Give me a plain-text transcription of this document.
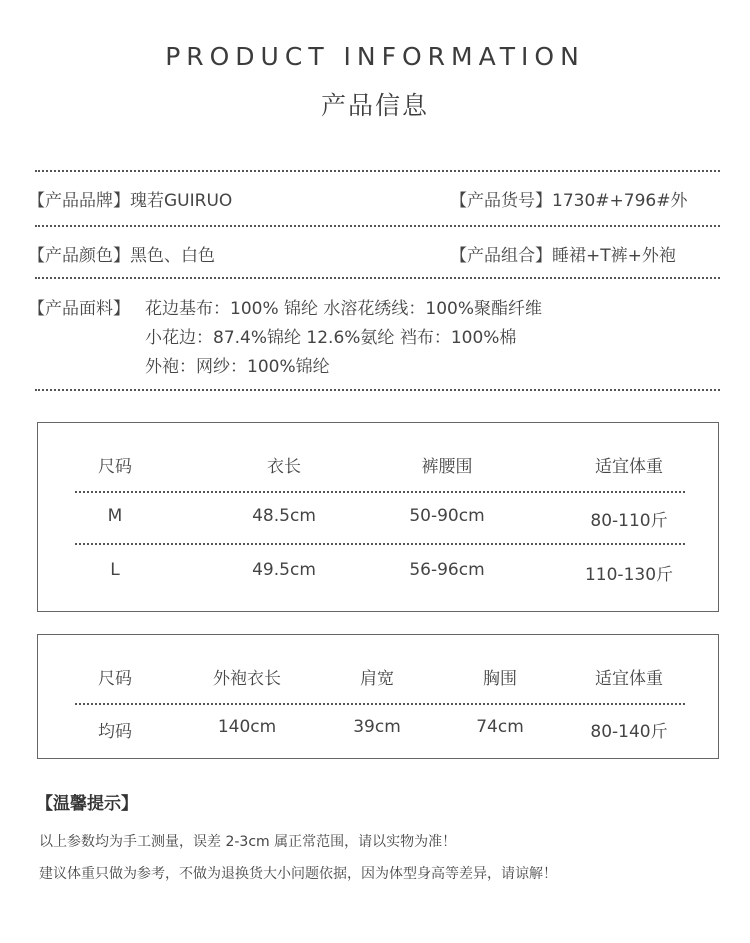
PRODUCT INFORMATION
产品信息
【产品品牌】瑰若GUIRUO	【产品货号】1730#+796#外
【产品颜色】黑色、白色	【产品组合】睡裙+T裤+外袍
【产品面料】 花边基布：100% 锦纶 水溶花绣线：100%聚酯纤维
小花边：87.4%锦纶 12.6%氨纶 裆布：100%棉
外袍：网纱：100%锦纶
尺码	衣长	裤腰围	适宜体重
M	48.5cm	50-90cm	80-110斤
L	49.5cm	56-96cm	110-130斤
尺码	外袍衣长	肩宽	胸围	适宜体重
均码	140cm	39cm	74cm	80-140斤
【温馨提示】
以上参数均为手工测量，误差 2-3cm 属正常范围，请以实物为准！
建议体重只做为参考，不做为退换货大小问题依据，因为体型身高等差异，请谅解！
